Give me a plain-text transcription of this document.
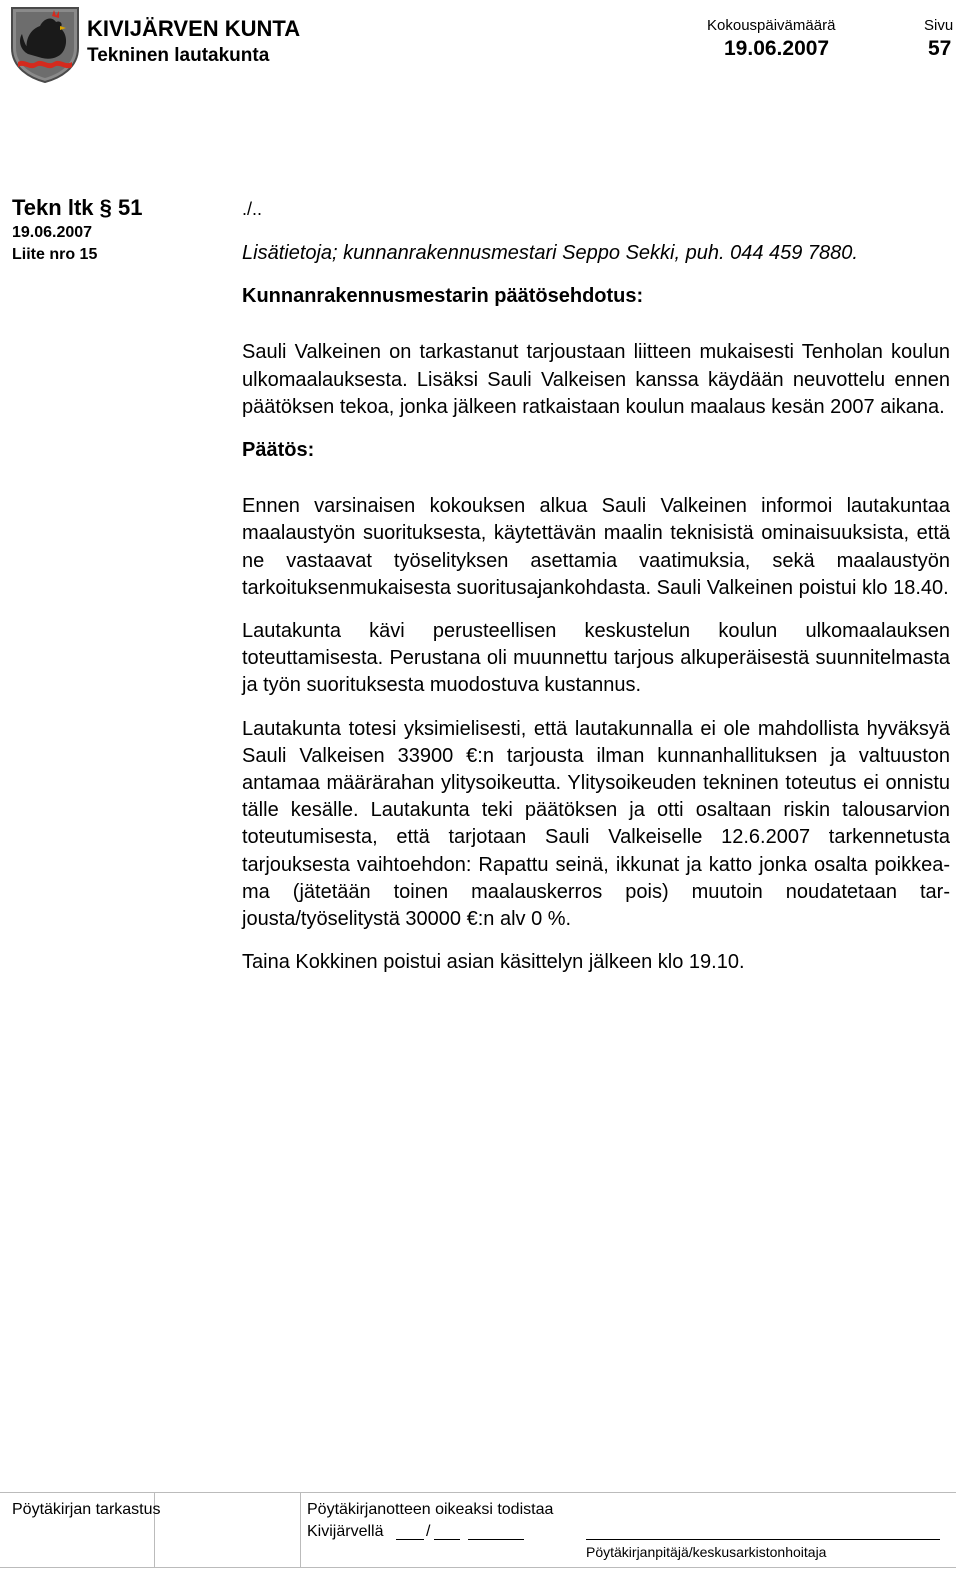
KIVIJÄRVEN KUNTA
Tekninen lautakunta
Kokouspäivämäärä
19.06.2007
Sivu
57
Tekn ltk § 51
19.06.2007
Liite nro 15
./..

Lisätietoja; kunnanrakennusmestari Seppo Sekki, puh. 044 459 7880.

Kunnanrakennusmestarin päätösehdotus:

Sauli Valkeinen on tarkastanut tarjoustaan liitteen mukaisesti Tenholan koulun ulkomaalauksesta. Lisäksi Sauli Valkeisen kanssa käydään neuvottelu ennen päätöksen tekoa, jonka jälkeen ratkaistaan koulun maalaus kesän 2007 aikana.

Päätös:

Ennen varsinaisen kokouksen alkua Sauli Valkeinen informoi lautakuntaa maalaustyön suorituksesta, käytettävän maalin teknisistä ominaisuuksista, että ne vastaavat työselityksen asettamia vaatimuksia, sekä maalaustyön tarkoituksenmukaisesta suoritusajankohdasta. Sauli Valkeinen poistui klo 18.40.

Lautakunta kävi perusteellisen keskustelun koulun ulkomaalauksen toteuttamisesta. Perustana oli muunnettu tarjous alkuperäisestä suunnitelmasta ja työn suorituksesta muodostuva kustannus.

Lautakunta totesi yksimielisesti, että lautakunnalla ei ole mahdollista hyväksyä Sauli Valkeisen 33900 €:n tarjousta ilman kunnanhallituksen ja valtuuston antamaa määrärahan ylitysoikeutta. Ylitysoikeuden tekninen toteutus ei onnistu tälle kesälle. Lautakunta teki päätöksen ja otti osaltaan riskin talousarvion toteutumisesta, että tarjotaan Sauli Valkeiselle 12.6.2007 tarkennetusta tarjouksesta vaihtoehdon: Rapattu seinä, ikkunat ja katto jonka osalta poikkeama (jätetään toinen maalauskerros pois) muutoin noudatetaan tarjousta/työselitystä 30000 €:n alv 0 %.

Taina Kokkinen poistui asian käsittelyn jälkeen klo 19.10.

Pöytäkirjan tarkastus	Pöytäkirjanotteen oikeaksi todistaa
Kivijärvellä	/
Pöytäkirjanpitäjä/keskusarkistonhoitaja
